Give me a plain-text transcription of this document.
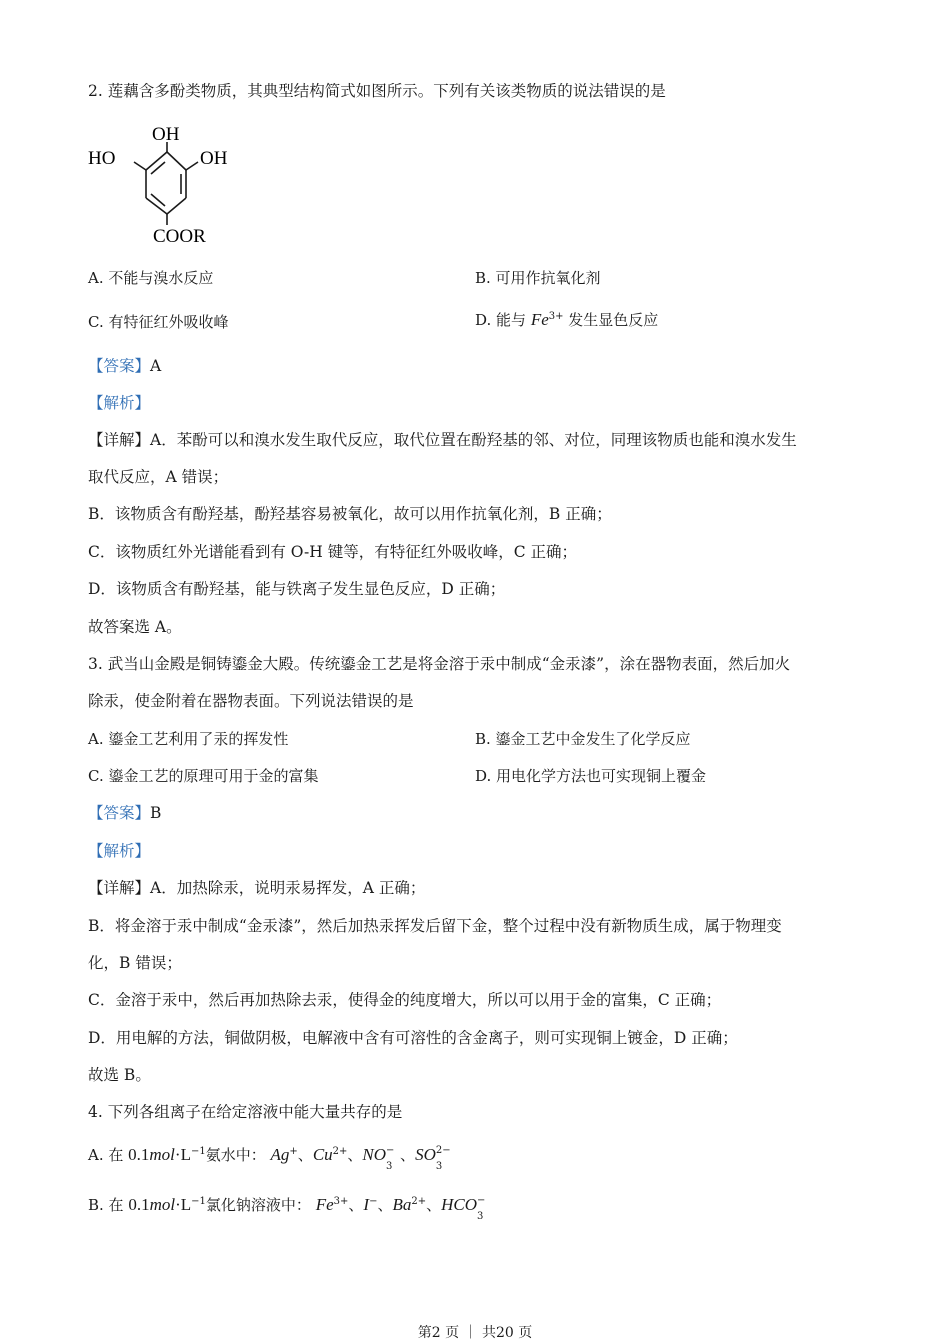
2. 莲藕含多酚类物质，其典型结构简式如图所示。下列有关该类物质的说法错误的是
OH
HO	OH
COOR
A. 不能与溴水反应	B. 可用作抗氧化剂
C. 有特征红外吸收峰	D. 能与 $Fe^{3+}$ 发生显色反应
【答案】A
【解析】
【详解】A．苯酚可以和溴水发生取代反应，取代位置在酚羟基的邻、对位，同理该物质也能和溴水发生
取代反应，A 错误；
B．该物质含有酚羟基，酚羟基容易被氧化，故可以用作抗氧化剂，B 正确；
C．该物质红外光谱能看到有 O-H 键等，有特征红外吸收峰，C 正确；
D．该物质含有酚羟基，能与铁离子发生显色反应，D 正确；
故答案选 A。
3. 武当山金殿是铜铸鎏金大殿。传统鎏金工艺是将金溶于汞中制成“金汞漆”，涂在器物表面，然后加火
除汞，使金附着在器物表面。下列说法错误的是
A. 鎏金工艺利用了汞的挥发性	B. 鎏金工艺中金发生了化学反应
C. 鎏金工艺的原理可用于金的富集	D. 用电化学方法也可实现铜上覆金
【答案】B
【解析】
【详解】A．加热除汞，说明汞易挥发，A 正确；
B．将金溶于汞中制成“金汞漆”，然后加热汞挥发后留下金，整个过程中没有新物质生成，属于物理变
化，B 错误；
C．金溶于汞中，然后再加热除去汞，使得金的纯度增大，所以可以用于金的富集，C 正确；
D．用电解的方法，铜做阴极，电解液中含有可溶性的含金离子，则可实现铜上镀金，D 正确；
故选 B。
4. 下列各组离子在给定溶液中能大量共存的是
A. 在 $0.1mol\cdot L^{-1}$氨水中： Ag+、$Cu^{2+}$、NO −
3
、SO 2−
3
B. 在 $0.1mol\cdot L^{-1}$氯化钠溶液中： $Fe^{3+}$、I−、$Ba^{2+}$、HCO −
3
第2 页 ｜ 共20 页
